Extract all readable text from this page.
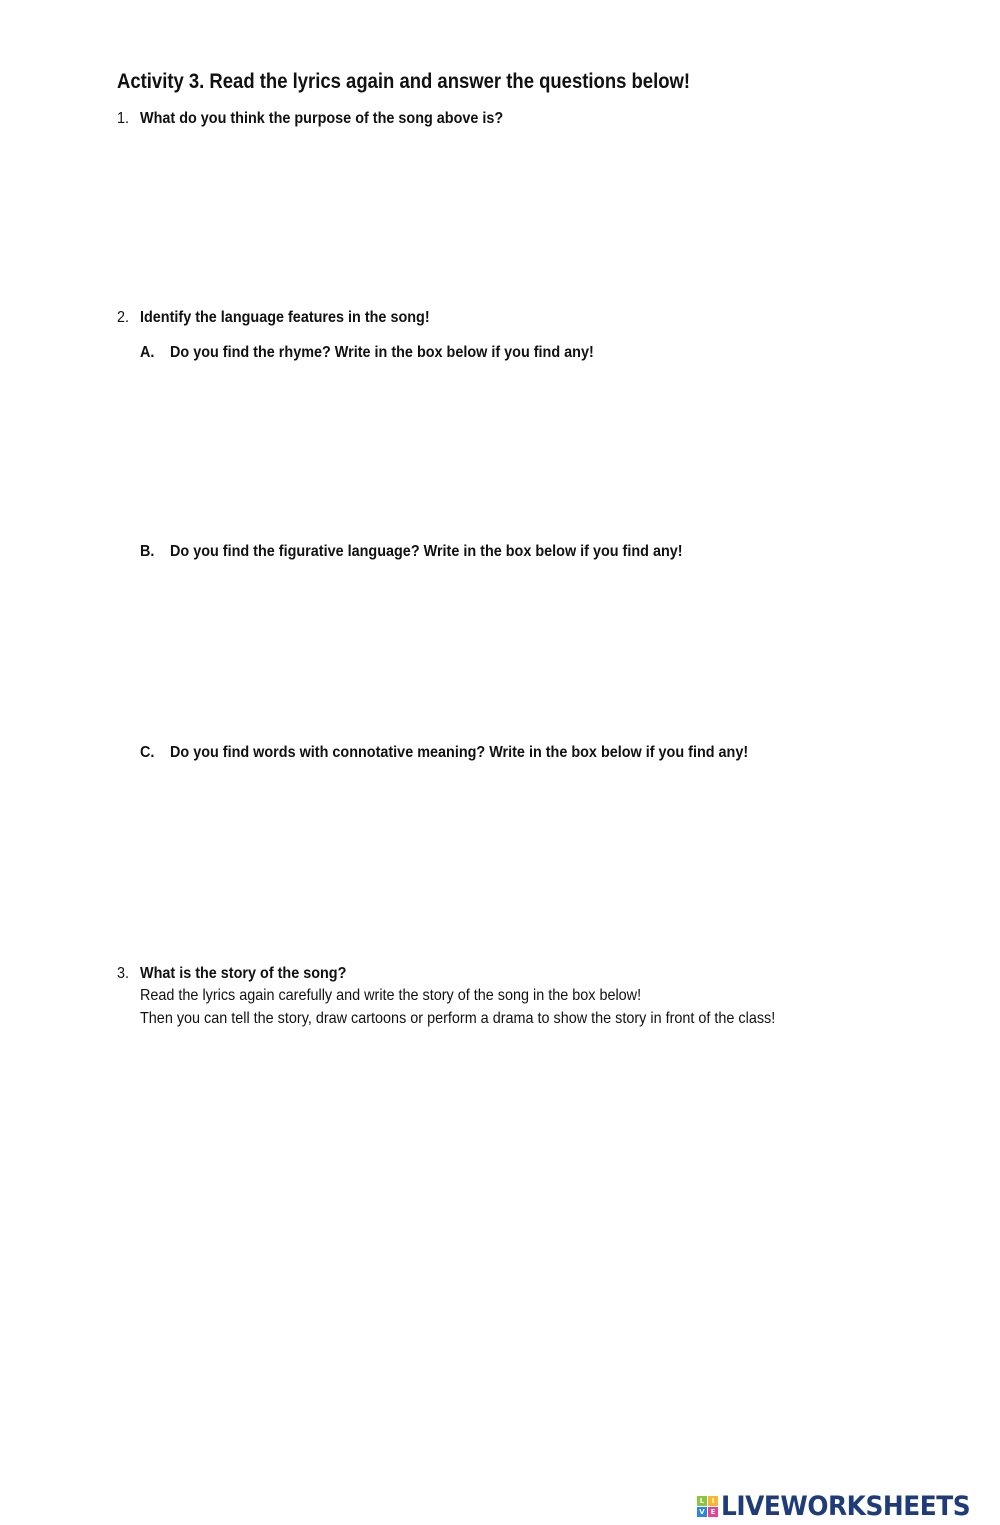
Activity 3. Read the lyrics again and answer the questions below!
1. What do you think the purpose of the song above is?
2. Identify the language features in the song!
A. Do you find the rhyme? Write in the box below if you find any!
B. Do you find the figurative language? Write in the box below if you find any!
C. Do you find words with connotative meaning? Write in the box below if you find any!
3. What is the story of the song?
Read the lyrics again carefully and write the story of the song in the box below!
Then you can tell the story, draw cartoons or perform a drama to show the story in front of the class!
L	I
V E LIVEWORKSHEETS
